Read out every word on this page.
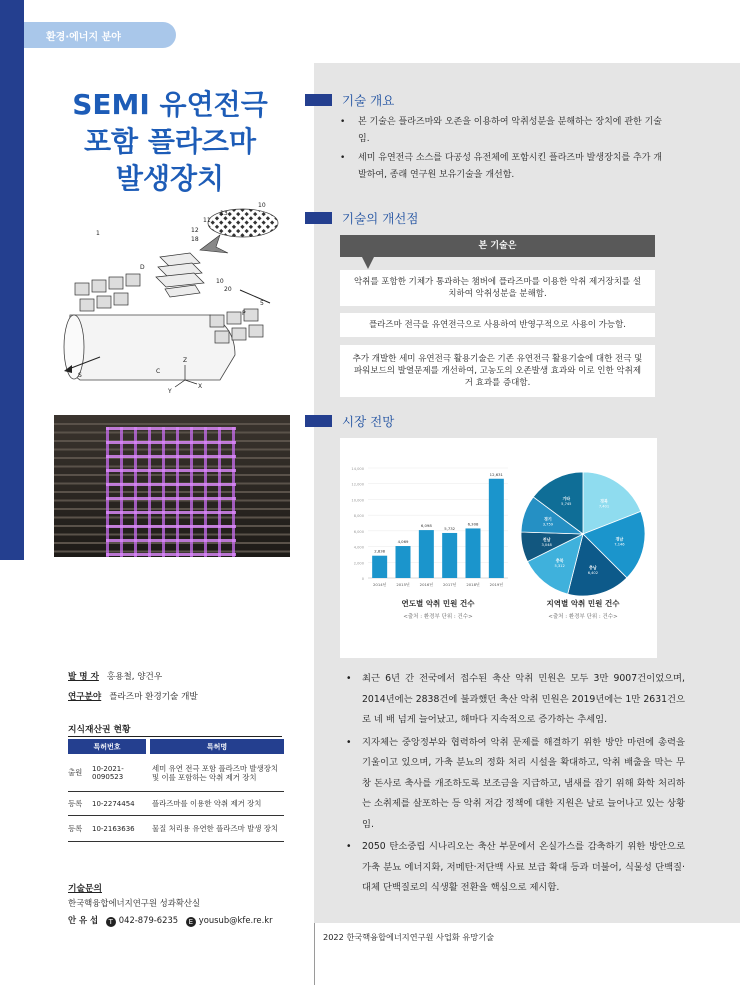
환경·에너지 분야
SEMI 유연전극
포함 플라즈마
발생장치
1
10
13
11
12
18
D
10
20
5
P
C
S
Z
Y
X
기술 개요
• 본 기술은 플라즈마와 오존을 이용하여 악취성분을 분해하는 장치에 관한 기술임.
• 세미 유연전극 소스를 다공성 유전체에 포함시킨 플라즈마 발생장치를 추가 개발하여, 종래 연구원 보유기술을 개선함.
기술의 개선점
본 기술은
악취를 포함한 기체가 통과하는 챔버에 플라즈마를 이용한 악취 제거장치를 설치하여 악취성분을 분해함.
플라즈마 전극을 유연전극으로 사용하여 반영구적으로 사용이 가능함.
추가 개발한 세미 유연전극 활용기술은 기존 유연전극 활용기술에 대한 전극 및 파워보드의 발열문제를 개선하여, 고농도의 오존발생 효과와 이로 인한 악취제거 효과를 증대함.
시장 전망
0
2,000
4,000
6,000
8,000
10,000
12,000
14,000
2,838
2014년
4,069
2015년
6,098
2016년
5,732
2017년
6,308
2018년
12,631
2019년
연도별 악취 민원 건수
<출처 : 환경부 단위 : 건수>
경북
7,401
경남
7,146
충남
6,402
충북
5,312
전남
3,048
경기
3,759
기타
5,745
지역별 악취 민원 건수
<출처 : 환경부 단위 : 건수>
• 최근 6년 간 전국에서 접수된 축산 악취 민원은 모두 3만 9007건이었으며, 2014년에는 2838건에 불과했던 축산 악취 민원은 2019년에는 1만 2631건으로 네 배 넘게 늘어났고, 해마다 지속적으로 증가하는 추세임.
• 지자체는 중앙정부와 협력하여 악취 문제를 해결하기 위한 방안 마련에 총력을 기울이고 있으며, 가축 분뇨의 정화 처리 시설을 확대하고, 악취 배출을 막는 무창 돈사로 축사를 개조하도록 보조금을 지급하고, 냄새를 잡기 위해 화학 처리하는 소취제를 살포하는 등 악취 저감 정책에 대한 지원은 날로 늘어나고 있는 상황임.
• 2050 탄소중립 시나리오는 축산 부문에서 온실가스를 감축하기 위한 방안으로 가축 분뇨 에너지화, 저메탄·저단백 사료 보급 확대 등과 더불어, 식물성 단백질·대체 단백질로의 식생활 전환을 핵심으로 제시함.
발 명 자 홍용철, 양건우
연구분야 플라즈마 환경기술 개발
지식재산권 현황
특허번호		특허명
출원	10-2021-0090523	세미 유연 전극 포함 플라즈마 발생장치 및 이를 포함하는 악취 제거 장치
등록	10-2274454	플라즈마를 이용한 악취 제거 장치
등록	10-2163636	물질 처리용 유연한 플라즈마 발생 장치
기술문의
한국핵융합에너지연구원 성과확산실
안 유 섭 T 042-879-6235 E yousub@kfe.re.kr
2022 한국핵융합에너지연구원 사업화 유망기술
